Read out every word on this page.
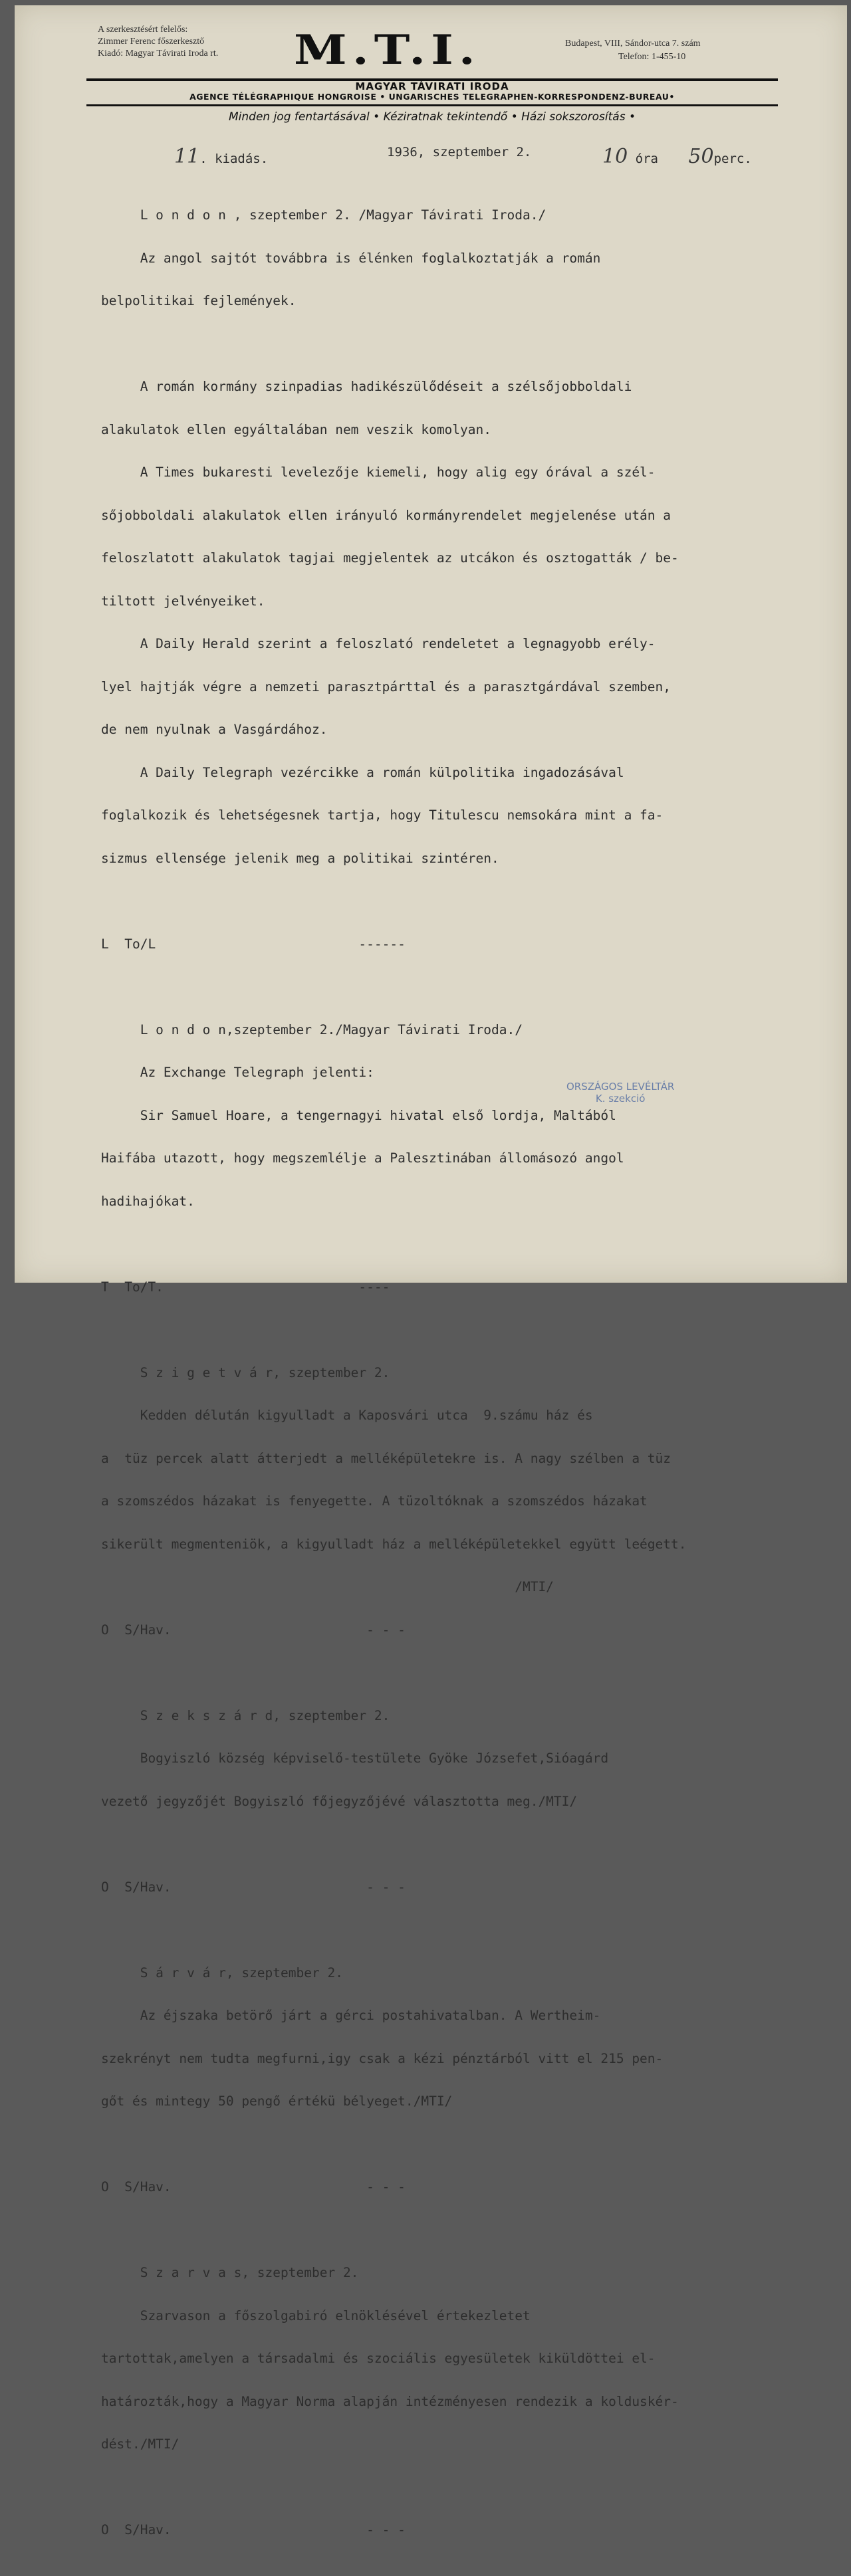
A szerkesztésért felelős:
Zimmer Ferenc főszerkesztő
Kiadó: Magyar Távirati Iroda rt. M.T.I.	Budapest, VIII, Sándor-utca 7. szám
Telefon: 1-455-10
∽	∽
MAGYAR TÁVIRATI IRODA
AGENCE TÉLÉGRAPHIQUE HONGROISE • UNGARISCHES TELEGRAPHEN-KORRESPONDENZ-BUREAU•
Minden jog fentartásával • Kéziratnak tekintendő • Házi sokszorosítás •
11. kiadás.	1936, szeptember 2.	10 óra 50perc.

L o n d o n , szeptember 2. /Magyar Távirati Iroda./

Az angol sajtót továbbra is élénken foglalkoztatják a román

belpolitikai fejlemények.

A román kormány szinpadias hadikészülődéseit a szélsőjobboldali

alakulatok ellen egyáltalában nem veszik komolyan.

A Times bukaresti levelezője kiemeli, hogy alig egy órával a szél-

sőjobboldali alakulatok ellen irányuló kormányrendelet megjelenése után a

feloszlatott alakulatok tagjai megjelentek az utcákon és osztogatták / be-

tiltott jelvényeiket.

A Daily Herald szerint a feloszlató rendeletet a legnagyobb erély-

lyel hajtják végre a nemzeti parasztpárttal és a parasztgárdával szemben,

de nem nyulnak a Vasgárdához.

A Daily Telegraph vezércikke a román külpolitika ingadozásával

foglalkozik és lehetségesnek tartja, hogy Titulescu nemsokára mint a fa-

sizmus ellensége jelenik meg a politikai szintéren.

L  To/L                          ------

L o n d o n,szeptember 2./Magyar Távirati Iroda./

Az Exchange Telegraph jelenti:

Sir Samuel Hoare, a tengernagyi hivatal első lordja, Maltából

Haifába utazott, hogy megszemlélje a Palesztinában állomásozó angol

hadihajókat.

T  To/T.                         ----

S z i g e t v á r, szeptember 2.

Kedden délután kigyulladt a Kaposvári utca  9.számu ház és

a  tüz percek alatt átterjedt a melléképületekre is. A nagy szélben a tüz

a szomszédos házakat is fenyegette. A tüzoltóknak a szomszédos házakat

sikerült megmenteniök, a kigyulladt ház a melléképületekkel együtt leégett.

/MTI/

O  S/Hav.                         - - -

S z e k s z á r d, szeptember 2.

Bogyiszló község képviselő-testülete Gyöke Józsefet,Sióagárd

vezető jegyzőjét Bogyiszló főjegyzőjévé választotta meg./MTI/

O  S/Hav.                         - - -

S á r v á r, szeptember 2.

Az éjszaka betörő járt a gérci postahivatalban. A Wertheim-

szekrényt nem tudta megfurni,igy csak a kézi pénztárból vitt el 215 pen-

gőt és mintegy 50 pengő értékü bélyeget./MTI/

O  S/Hav.                         - - -

S z a r v a s, szeptember 2.

Szarvason a főszolgabiró elnöklésével értekezletet

tartottak,amelyen a társadalmi és szociális egyesületek kiküldöttei el-

határozták,hogy a Magyar Norma alapján intézményesen rendezik a kolduskér-

dést./MTI/

O  S/Hav.                         - - -

ORSZÁGOS LEVÉLTÁR
K. szekció
